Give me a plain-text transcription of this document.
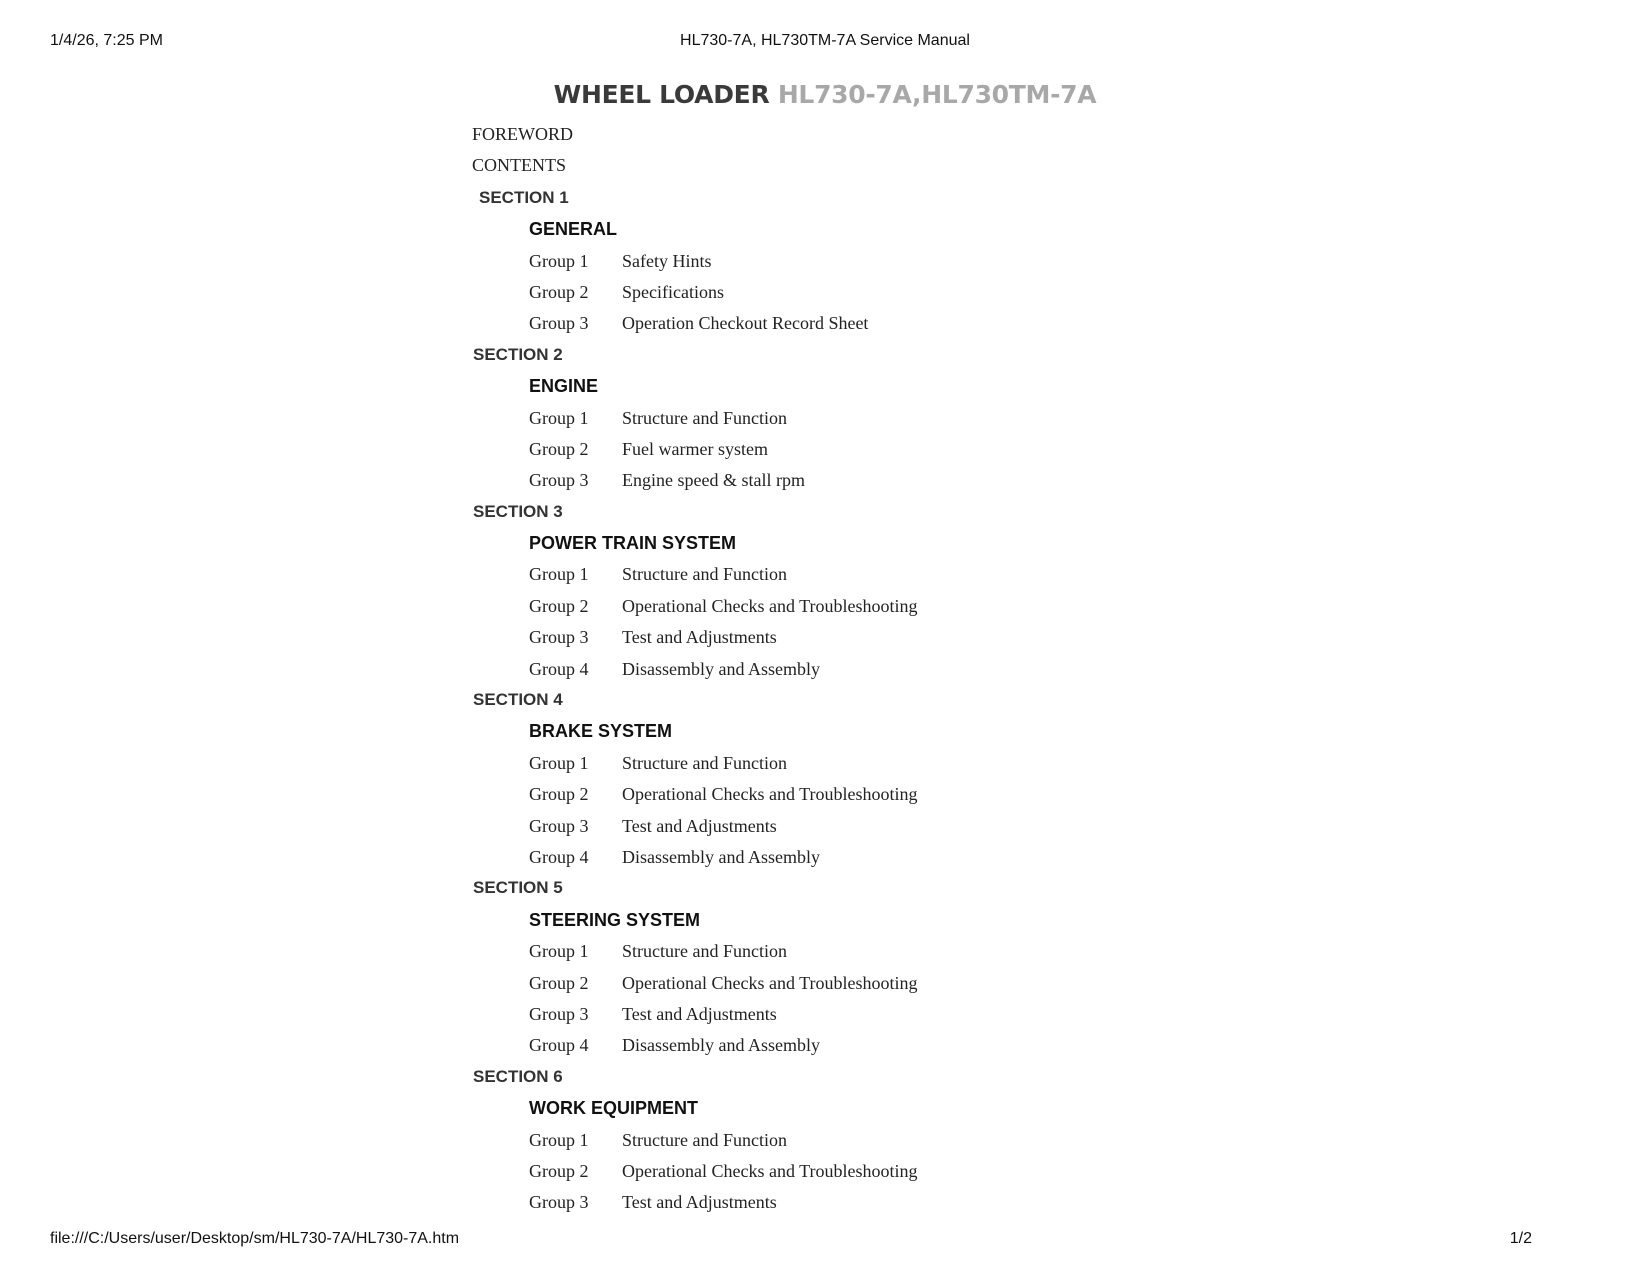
1/4/26, 7:25 PM	HL730-7A, HL730TM-7A Service Manual
WHEEL LOADER HL730-7A,HL730TM-7A
FOREWORD
CONTENTS
SECTION 1
GENERAL
Group 1 Safety Hints
Group 2 Specifications
Group 3 Operation Checkout Record Sheet
SECTION 2
ENGINE
Group 1 Structure and Function
Group 2 Fuel warmer system
Group 3 Engine speed & stall rpm
SECTION 3
POWER TRAIN SYSTEM
Group 1 Structure and Function
Group 2 Operational Checks and Troubleshooting
Group 3 Test and Adjustments
Group 4 Disassembly and Assembly
SECTION 4
BRAKE SYSTEM
Group 1 Structure and Function
Group 2 Operational Checks and Troubleshooting
Group 3 Test and Adjustments
Group 4 Disassembly and Assembly
SECTION 5
STEERING SYSTEM
Group 1 Structure and Function
Group 2 Operational Checks and Troubleshooting
Group 3 Test and Adjustments
Group 4 Disassembly and Assembly
SECTION 6
WORK EQUIPMENT
Group 1 Structure and Function
Group 2 Operational Checks and Troubleshooting
Group 3 Test and Adjustments
file:///C:/Users/user/Desktop/sm/HL730-7A/HL730-7A.htm	1/2
